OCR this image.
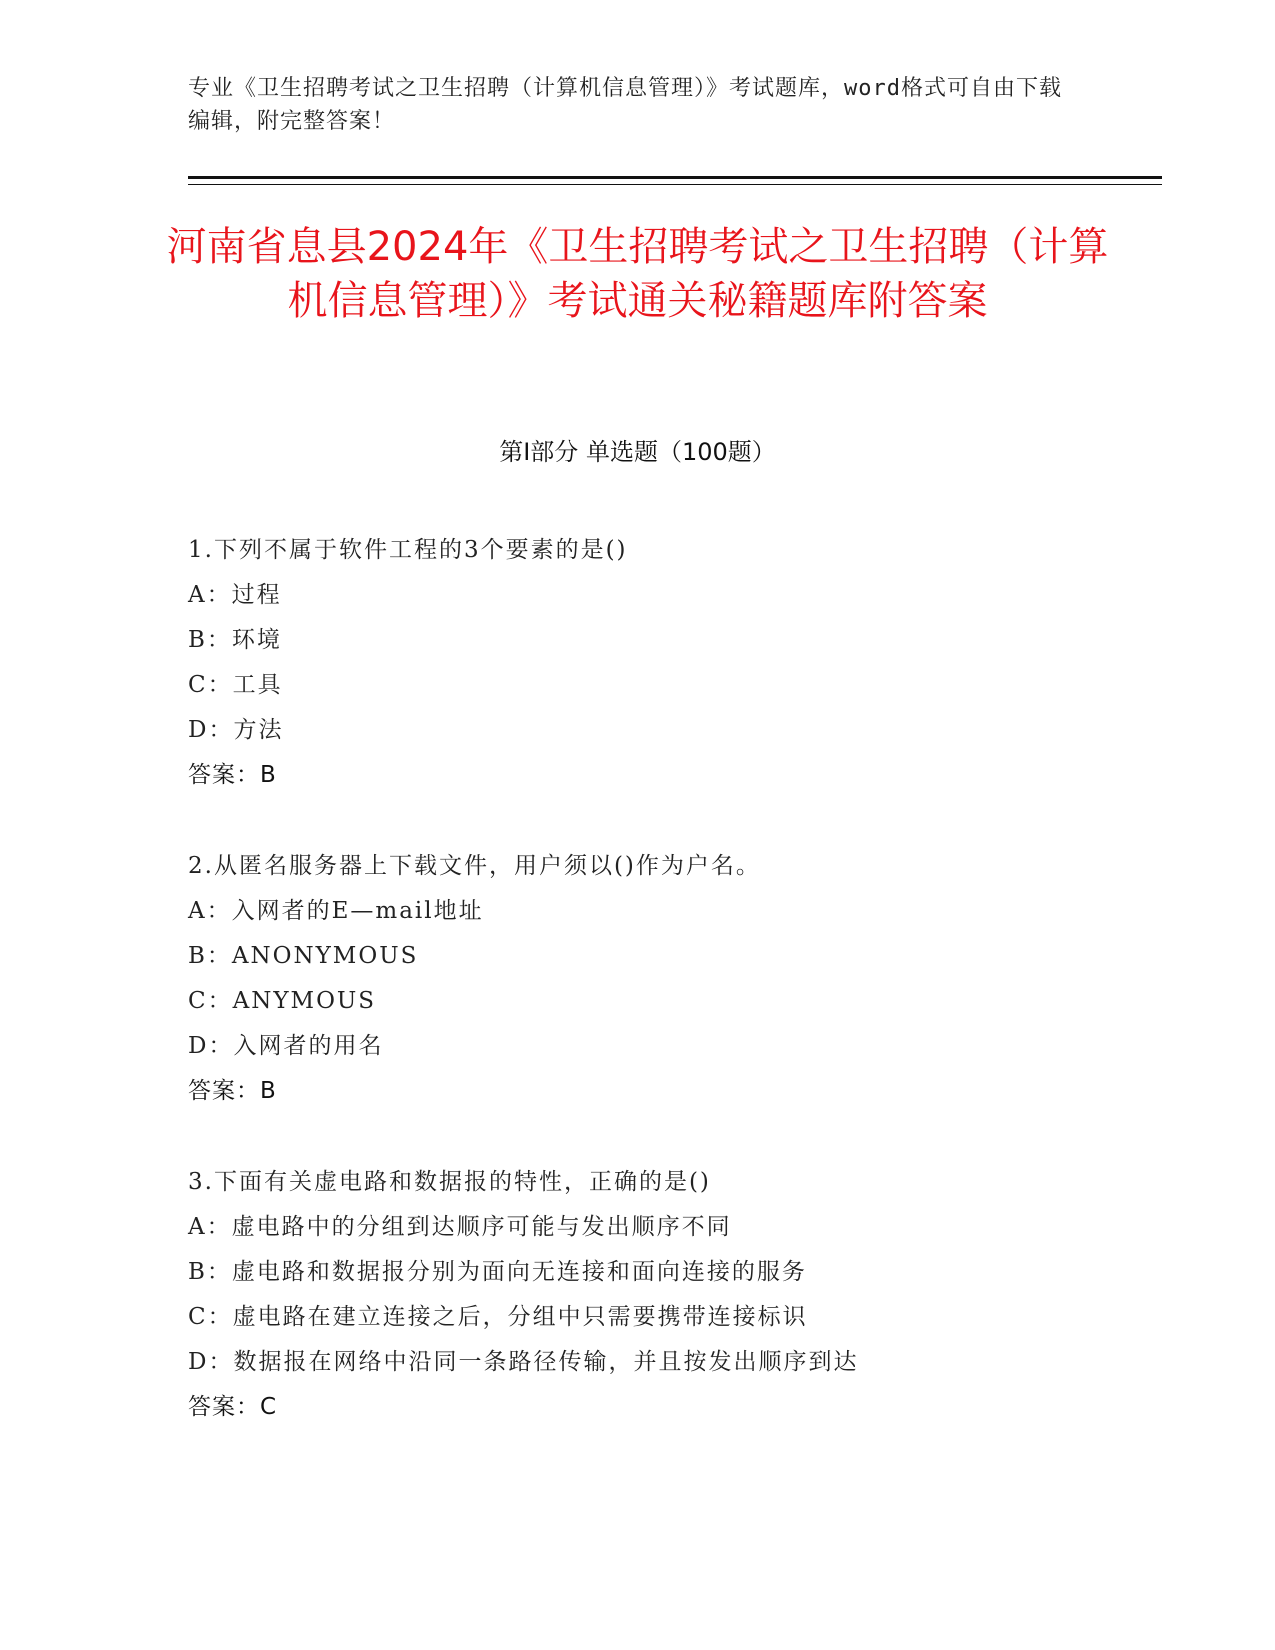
专业《卫生招聘考试之卫生招聘（计算机信息管理）》考试题库，word格式可自由下载编辑，附完整答案！
河南省息县2024年《卫生招聘考试之卫生招聘（计算机信息管理）》考试通关秘籍题库附答案
第Ⅰ部分 单选题（100题）
1.下列不属于软件工程的3个要素的是()
A：过程
B：环境
C：工具
D：方法
答案：B
2.从匿名服务器上下载文件，用户须以()作为户名。
A：入网者的E—mail地址
B：ANONYMOUS
C：ANYMOUS
D：入网者的用名
答案：B
3.下面有关虚电路和数据报的特性，正确的是()
A：虚电路中的分组到达顺序可能与发出顺序不同
B：虚电路和数据报分别为面向无连接和面向连接的服务
C：虚电路在建立连接之后，分组中只需要携带连接标识
D：数据报在网络中沿同一条路径传输，并且按发出顺序到达
答案：C
